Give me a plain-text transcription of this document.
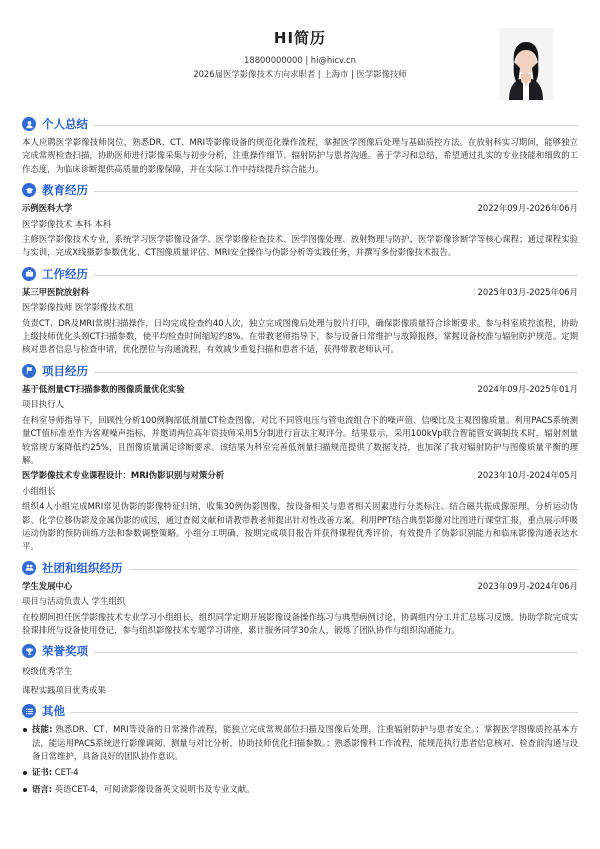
HI简历
18800000000 | hi@hicv.cn
2026届医学影像技术方向求职者 | 上海市 | 医学影像技师
个人总结
本人应聘医学影像技师岗位，熟悉DR、CT、MRI等影像设备的规范化操作流程，掌握医学图像后处理与基础质控方法。在放射科实习期间，能够独立完成常规检查扫描，协助医师进行影像采集与初步分析，注重操作细节、辐射防护与患者沟通。善于学习和总结，希望通过扎实的专业技能和细致的工作态度，为临床诊断提供高质量的影像保障，并在实际工作中持续提升综合能力。
教育经历
示例医科大学	2022年09月-2026年06月
医学影像技术 本科 本科
主修医学影像技术专业，系统学习医学影像设备学、医学影像检查技术、医学图像处理、放射物理与防护、医学影像诊断学等核心课程；通过课程实验与实训，完成X线摄影参数优化、CT图像质量评估、MRI安全操作与伪影分析等实践任务，并撰写多份影像技术报告。
工作经历
某三甲医院放射科	2025年03月-2025年06月
医学影像技师 医学影像技术组
负责CT、DR及MRI常规扫描操作，日均完成检查约40人次，独立完成图像后处理与胶片打印，确保影像质量符合诊断要求。参与科室质控流程，协助上级技师优化头颈CT扫描参数，使平均检查时间缩短约8%。在带教老师指导下，参与设备日常维护与故障报修，掌握设备校准与辐射防护规范。定期核对患者信息与检查申请，优化摆位与沟通流程，有效减少重复扫描和患者不适，获得带教老师认可。
项目经历
基于低剂量CT扫描参数的图像质量优化实验	2024年09月-2025年01月
项目执行人
在科室导师指导下，回顾性分析100例胸部低剂量CT检查图像，对比不同管电压与管电流组合下的噪声值、信噪比及主观图像质量。利用PACS系统测量CT值标准差作为客观噪声指标，并邀请两位高年资技师采用5分制进行盲法主观评分。结果显示，采用100kVp联合智能管安调制技术时，辐射剂量较常规方案降低约25%，且图像质量满足诊断要求。该结果为科室完善低剂量扫描规范提供了数据支持，也加深了我对辐射防护与图像质量平衡的理解。
医学影像技术专业课程设计：MRI伪影识别与对策分析	2023年10月-2024年05月
小组组长
组织4人小组完成MRI常见伪影的影像特征归纳，收集30例伪影图像，按设备相关与患者相关因素进行分类标注。结合磁共振成像原理，分析运动伪影、化学位移伪影及金属伪影的成因，通过查阅文献和请教带教老师提出针对性改善方案。利用PPT结合典型影像对比图进行课堂汇报，重点展示呼吸运动伪影的预防训练方法和参数调整策略。小组分工明确，按期完成项目报告并获得课程优秀评价，有效提升了伪影识别能力和临床影像沟通表达水平。
社团和组织经历
学生发展中心	2023年09月-2024年06月
项目与活动负责人 学生组织
在校期间担任医学影像技术专业学习小组组长，组织同学定期开展影像设备操作练习与典型病例讨论，协调组内分工并汇总练习反馈。协助学院完成实验课排班与设备使用登记，参与组织影像技术专题学习讲座，累计服务同学30余人，锻炼了团队协作与组织沟通能力。
荣誉奖项
校级优秀学生
课程实践项目优秀成果
其他
技能: 熟悉DR、CT、MRI等设备的日常操作流程，能独立完成常规部位扫描及图像后处理，注重辐射防护与患者安全。；掌握医学图像质控基本方法，能运用PACS系统进行影像调阅、测量与对比分析，协助技师优化扫描参数。；熟悉影像科工作流程，能规范执行患者信息核对、检查前沟通与设备日常维护，具备良好的团队协作意识。
证书: CET-4
语言: 英语CET-4，可阅读影像设备英文说明书及专业文献。
